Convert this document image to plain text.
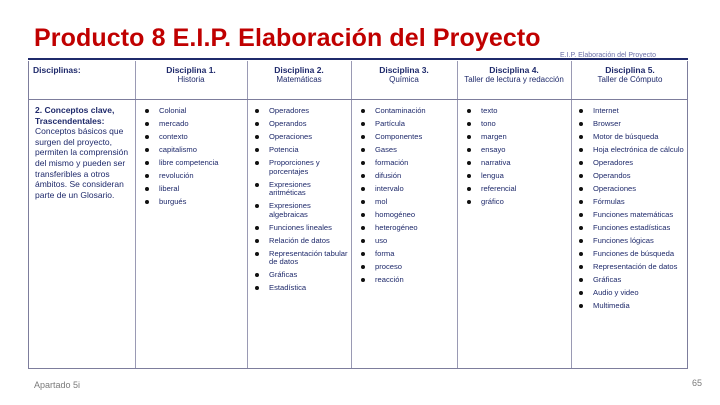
Producto 8 E.I.P. Elaboración del Proyecto
E.I.P. Elaboración del Proyecto
Disciplinas:	Disciplina 1.
Historia
Disciplina 2.
Matemáticas
Disciplina 3.
Química
Disciplina 4.
Taller de lectura y redacción
Disciplina 5.
Taller de Cómputo
2. Conceptos clave, Trascendentales: Conceptos básicos que surgen del proyecto, permiten la comprensión del mismo y pueden ser transferibles a otros ámbitos. Se consideran parte de un Glosario.
Colonial
mercado
contexto
capitalismo
libre competencia
revolución
liberal
burgués
Operadores
Operandos
Operaciones
Potencia
Proporciones y porcentajes
Expresiones aritméticas
Expresiones algebraicas
Funciones lineales
Relación de datos
Representación tabular de datos
Gráficas
Estadística
Contaminación
Partícula
Componentes
Gases
formación
difusión
intervalo
mol
homogéneo
heterogéneo
uso
forma
proceso
reacción
texto
tono
margen
ensayo
narrativa
lengua
referencial
gráfico
Internet
Browser
Motor de búsqueda
Hoja electrónica de cálculo
Operadores
Operandos
Operaciones
Fórmulas
Funciones matemáticas
Funciones estadísticas
Funciones lógicas
Funciones de búsqueda
Representación de datos
Gráficas
Audio y video
Multimedia
Apartado 5i	65
